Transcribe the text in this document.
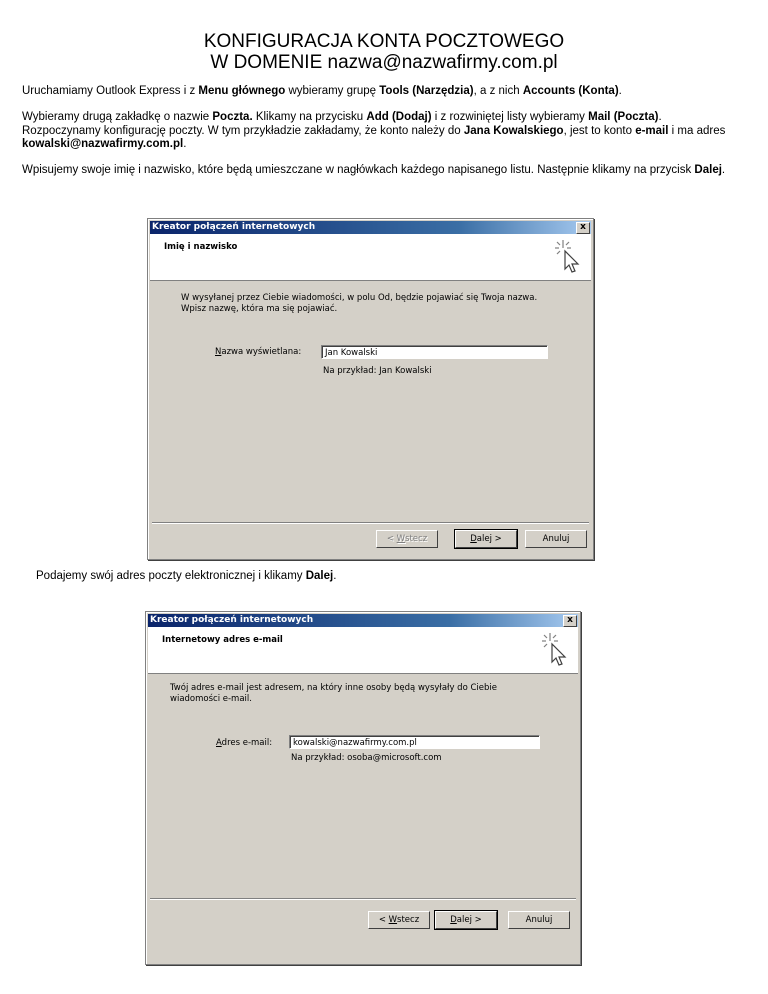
KONFIGURACJA KONTA POCZTOWEGO
W DOMENIE nazwa@nazwafirmy.com.pl
Uruchamiamy Outlook Express i z Menu głównego wybieramy grupę Tools (Narzędzia), a z nich Accounts (Konta).
Wybieramy drugą zakładkę o nazwie Poczta. Klikamy na przycisku Add (Dodaj) i z rozwiniętej listy wybieramy Mail (Poczta). Rozpoczynamy konfigurację poczty. W tym przykładzie zakładamy, że konto należy do Jana Kowalskiego, jest to konto e-mail i ma adres kowalski@nazwafirmy.com.pl.
Wpisujemy swoje imię i nazwisko, które będą umieszczane w nagłówkach każdego napisanego listu. Następnie klikamy na przycisk Dalej.
Kreator połączeń internetowych	x
Imię i nazwisko
W wysyłanej przez Ciebie wiadomości, w polu Od, będzie pojawiać się Twoja nazwa.
Wpisz nazwę, która ma się pojawiać.
Nazwa wyświetlana:	Jan Kowalski
Na przykład: Jan Kowalski
< Wstecz	Dalej >	Anuluj
Podajemy swój adres poczty elektronicznej i klikamy Dalej.
Kreator połączeń internetowych	x
Internetowy adres e-mail
Twój adres e-mail jest adresem, na który inne osoby będą wysyłały do Ciebie
wiadomości e-mail.
Adres e-mail:	kowalski@nazwafirmy.com.pl
Na przykład: osoba@microsoft.com
< Wstecz	Dalej >	Anuluj
